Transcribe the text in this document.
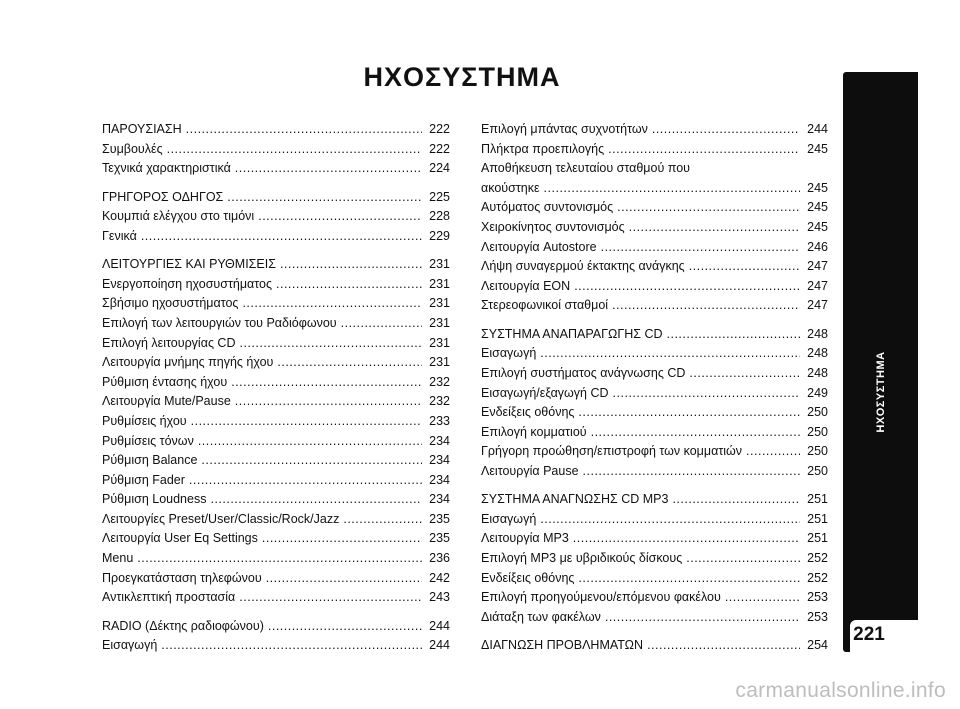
ΗΧΟΣΥΣΤΗΜΑ
ΠΑΡΟΥΣΙΑΣΗ .....	222
Συμβουλές .....	222
Τεχνικά χαρακτηριστικά .....	224
ΓΡΗΓΟΡΟΣ ΟΔΗΓΟΣ .....	225
Κουμπιά ελέγχου στο τιμόνι .....	228
Γενικά .....	229
ΛΕΙΤΟΥΡΓΙΕΣ ΚΑΙ ΡΥΘΜΙΣΕΙΣ .....	231
Ενεργοποίηση ηχοσυστήματος .....	231
Σβήσιμο ηχοσυστήματος .....	231
Επιλογή των λειτουργιών του Ραδιόφωνου .....	231
Επιλογή λειτουργίας CD .....	231
Λειτουργία μνήμης πηγής ήχου .....	231
Ρύθμιση έντασης ήχου .....	232
Λειτουργία Mute/Pause .....	232
Ρυθμίσεις ήχου .....	233
Ρυθμίσεις τόνων .....	234
Ρύθμιση Balance .....	234
Ρύθμιση Fader .....	234
Ρύθμιση Loudness .....	234
Λειτουργίες Preset/User/Classic/Rock/Jazz .....	235
Λειτουργία User Eq Settings .....	235
Menu .....	236
Προεγκατάσταση τηλεφώνου .....	242
Αντικλεπτική προστασία .....	243
RADIO (Δέκτης ραδιοφώνου) .....	244
Εισαγωγή .....	244
Επιλογή μπάντας συχνοτήτων .....	244
Πλήκτρα προεπιλογής .....	245
Αποθήκευση τελευταίου σταθμού που
ακούστηκε .....	245
Αυτόματος συντονισμός .....	245
Χειροκίνητος συντονισμός .....	245
Λειτουργία Autostore .....	246
Λήψη συναγερμού έκτακτης ανάγκης .....	247
Λειτουργία EON .....	247
Στερεοφωνικοί σταθμοί .....	247
ΣΥΣΤΗΜΑ ΑΝΑΠΑΡΑΓΩΓΗΣ CD .....	248
Εισαγωγή .....	248
Επιλογή συστήματος ανάγνωσης CD .....	248
Εισαγωγή/εξαγωγή CD .....	249
Ενδείξεις οθόνης .....	250
Επιλογή κομματιού .....	250
Γρήγορη προώθηση/επιστροφή των κομματιών .....	250
Λειτουργία Pause .....	250
ΣΥΣΤΗΜΑ ΑΝΑΓΝΩΣΗΣ CD MP3 .....	251
Εισαγωγή .....	251
Λειτουργία MP3 .....	251
Επιλογή MP3 με υβριδικούς δίσκους .....	252
Ενδείξεις οθόνης .....	252
Επιλογή προηγούμενου/επόμενου φακέλου .....	253
Διάταξη των φακέλων .....	253
ΔΙΑΓΝΩΣΗ ΠΡΟΒΛΗΜΑΤΩΝ .....	254
ΗΧΟΣΥΣΤΗΜΑ
221
carmanualsonline.info
